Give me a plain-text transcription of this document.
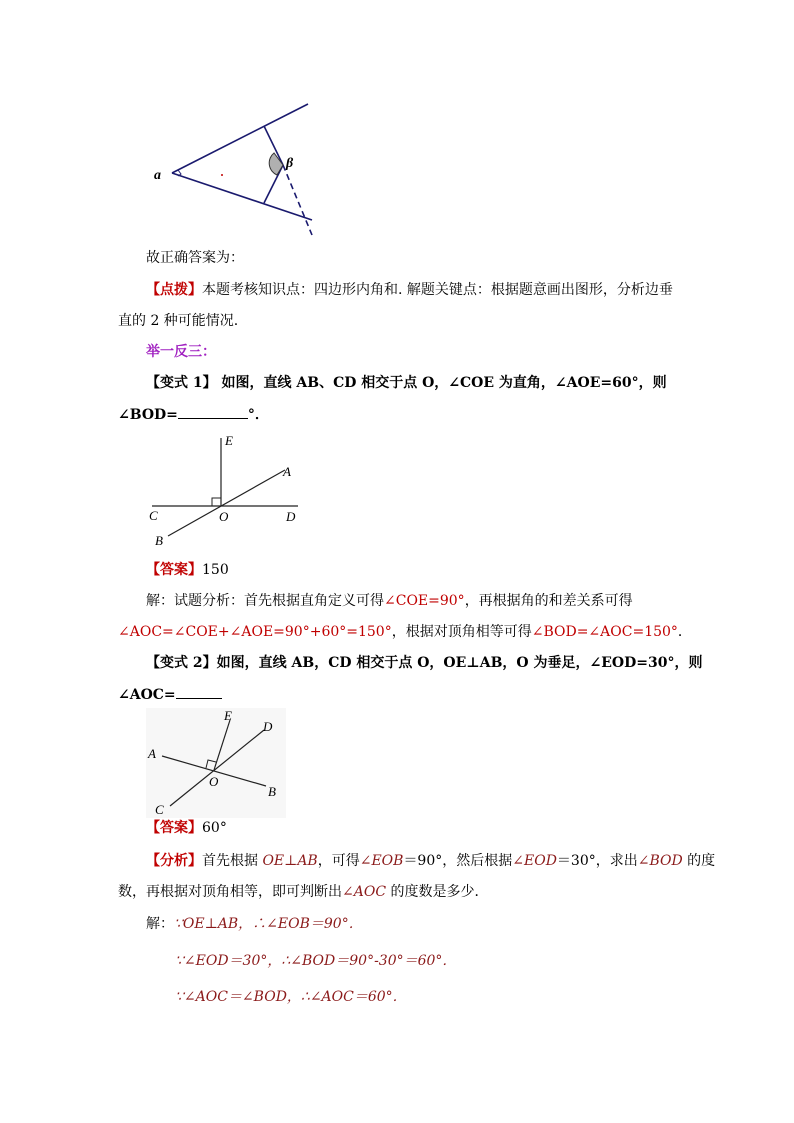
a
β
故正确答案为：
【点拨】本题考核知识点：四边形内角和. 解题关键点：根据题意画出图形，分析边垂
直的 2 种可能情况.
举一反三：
【变式 1】 如图，直线 AB、CD 相交于点 O，∠COE 为直角，∠AOE=60°，则
∠BOD=	°．
E
A
C	O	D
B
【答案】150
解：试题分析：首先根据直角定义可得∠COE=90°，再根据角的和差关系可得
∠AOC=∠COE+∠AOE=90°+60°=150°，根据对顶角相等可得∠BOD=∠AOC=150°．
【变式 2】如图，直线 AB，CD 相交于点 O，OE⊥AB，O 为垂足，∠EOD=30°，则
∠AOC=
E
D
A
O
B
C
【答案】60°
【分析】首先根据 OE⊥AB，可得∠EOB＝90°，然后根据∠EOD＝30°，求出∠BOD 的度
数，再根据对顶角相等，即可判断出∠AOC 的度数是多少．
解：∵OE⊥AB，∴∠EOB＝90°．
∵∠EOD＝30°，∴∠BOD＝90°-30°＝60°．
∵∠AOC＝∠BOD，∴∠AOC＝60°．
